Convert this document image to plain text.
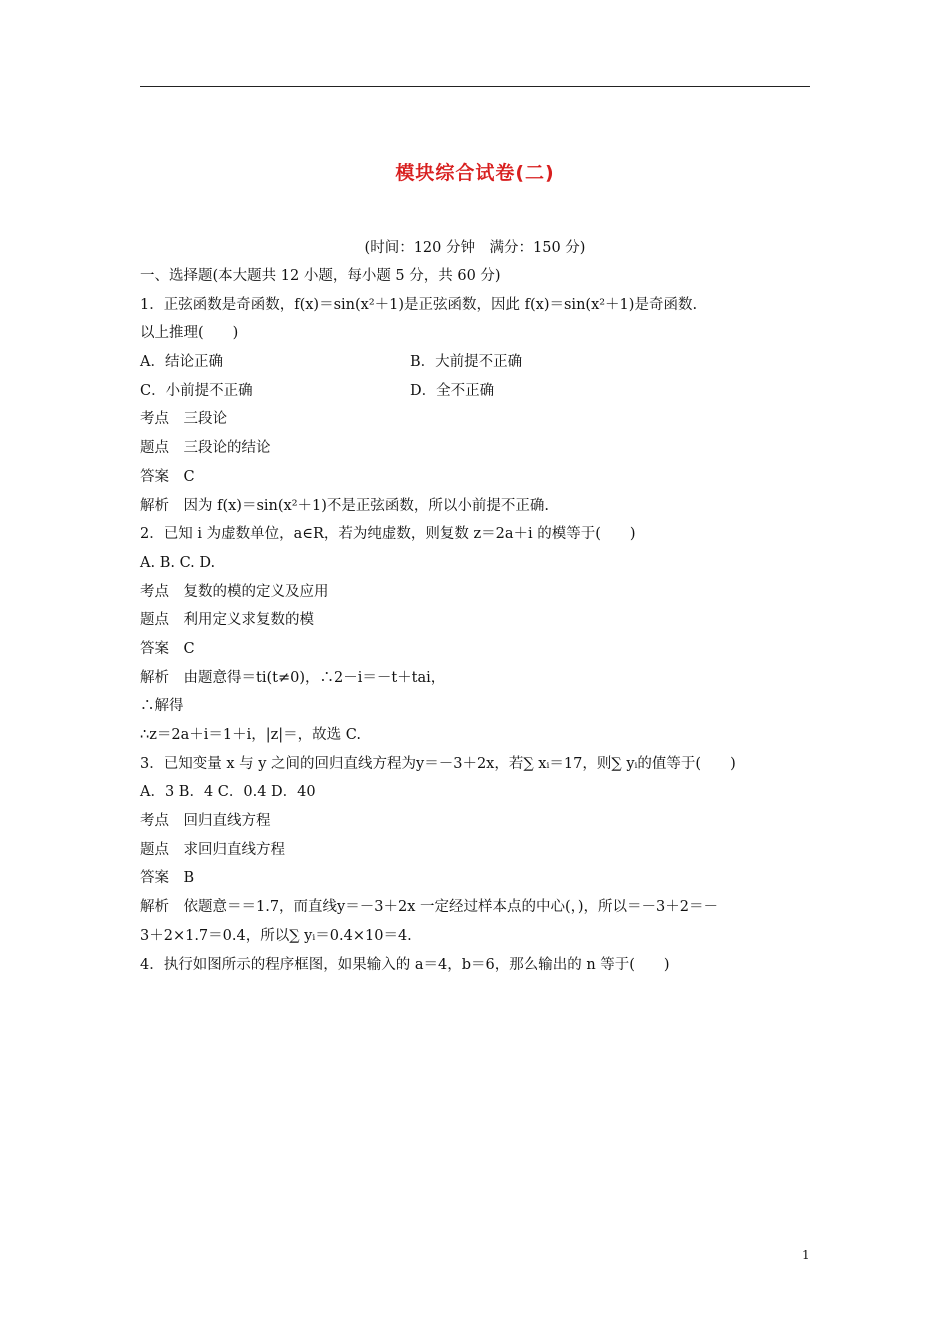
模块综合试卷(二)
(时间：120 分钟　满分：150 分)
一、选择题(本大题共 12 小题，每小题 5 分，共 60 分)
1．正弦函数是奇函数，f(x)＝sin(x²＋1)是正弦函数，因此 f(x)＝sin(x²＋1)是奇函数.
以上推理(　　)
A．结论正确	B．大前提不正确
C．小前提不正确	D．全不正确
考点　三段论
题点　三段论的结论
答案　C
解析　因为 f(x)＝sin(x²＋1)不是正弦函数，所以小前提不正确.
2．已知 i 为虚数单位，a∈R，若为纯虚数，则复数 z＝2a＋i 的模等于(　　)
A. B. C. D.
考点　复数的模的定义及应用
题点　利用定义求复数的模
答案　C
解析　由题意得＝ti(t≠0)，∴2－i＝－t＋tai，
∴解得
∴z＝2a＋i＝1＋i，|z|＝，故选 C.
3．已知变量 x 与 y 之间的回归直线方程为y＝－3＋2x，若∑ xᵢ＝17，则∑ yᵢ的值等于(　　)
A．3 B．4 C．0.4 D．40
考点　回归直线方程
题点　求回归直线方程
答案　B
解析　依题意＝＝1.7，而直线y＝－3＋2x 一定经过样本点的中心(，)，所以＝－3＋2＝－
3＋2×1.7＝0.4，所以∑ yᵢ＝0.4×10＝4.
4．执行如图所示的程序框图，如果输入的 a＝4，b＝6，那么输出的 n 等于(　　)
1
